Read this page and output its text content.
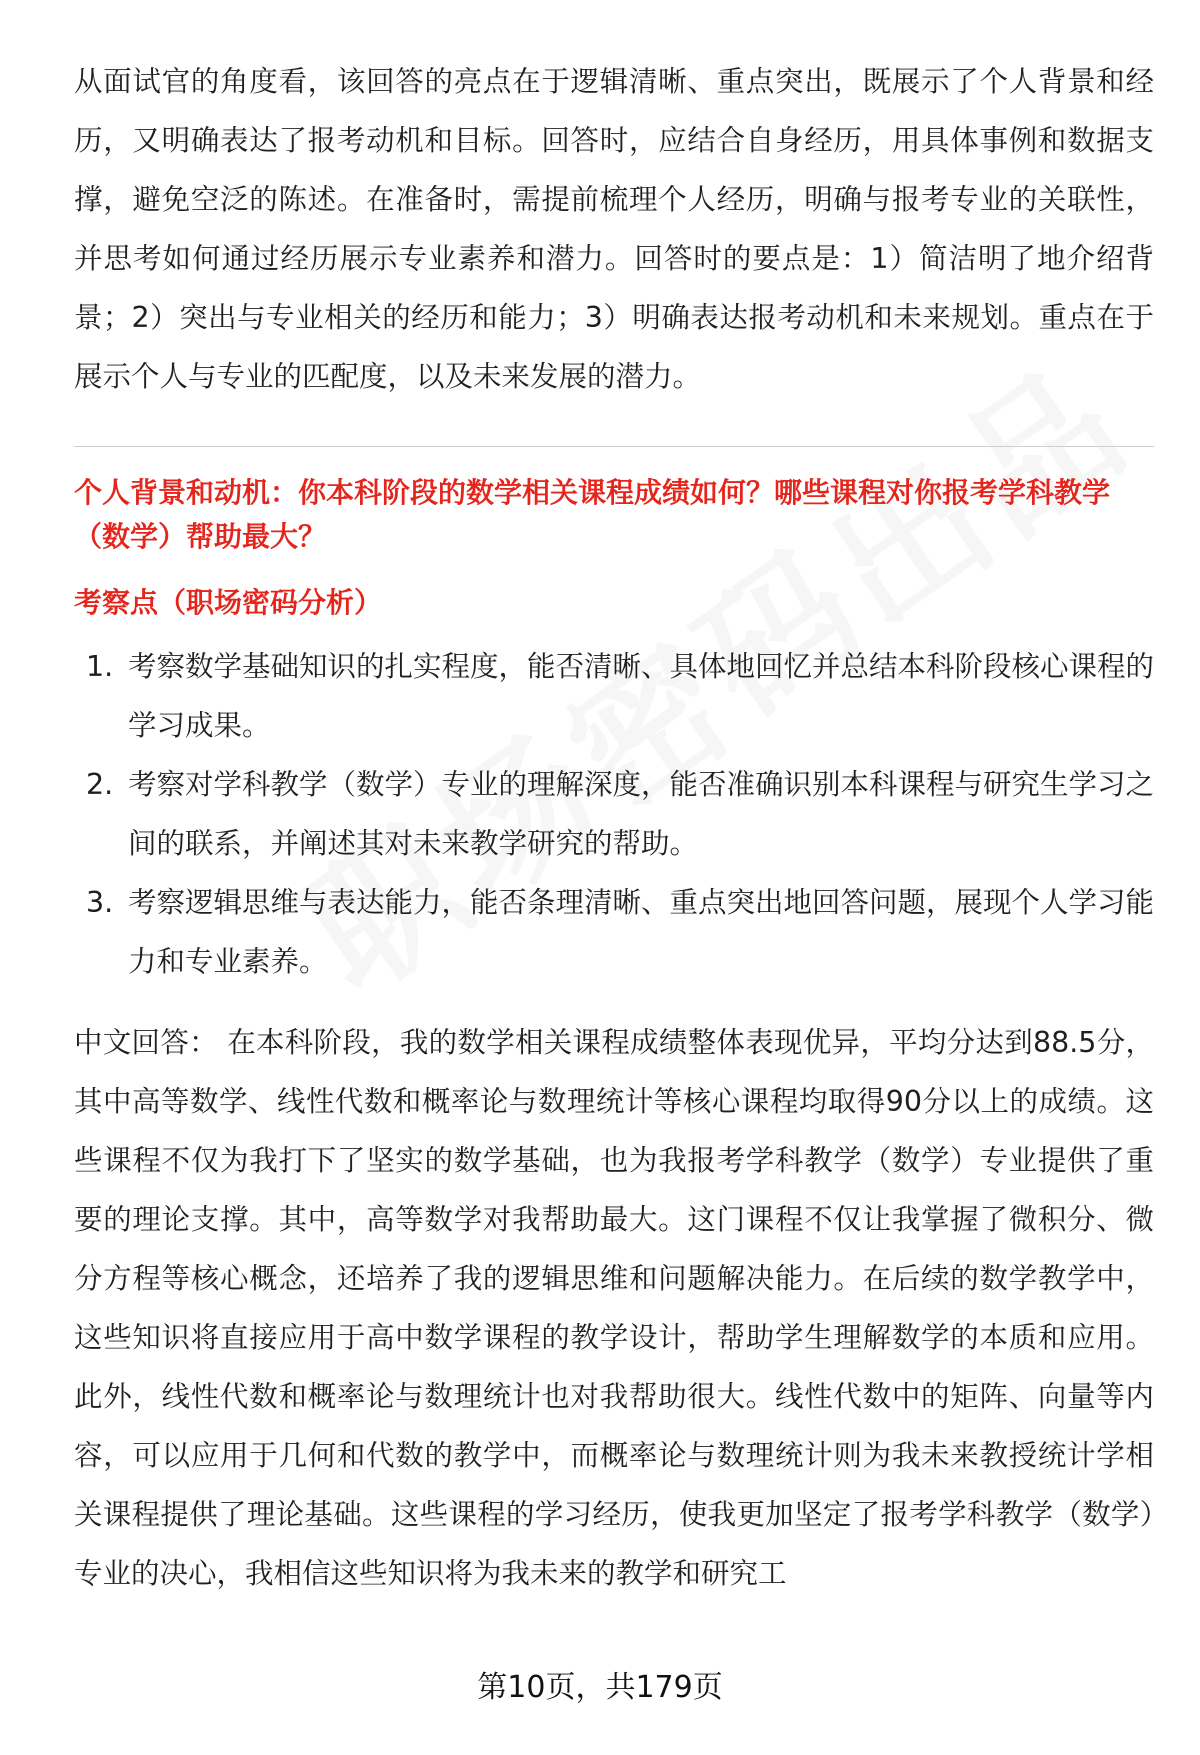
从面试官的角度看，该回答的亮点在于逻辑清晰、重点突出，既展示了个人背景和经历，又明确表达了报考动机和目标。回答时，应结合自身经历，用具体事例和数据支撑，避免空泛的陈述。在准备时，需提前梳理个人经历，明确与报考专业的关联性，并思考如何通过经历展示专业素养和潜力。回答时的要点是：1）简洁明了地介绍背景；2）突出与专业相关的经历和能力；3）明确表达报考动机和未来规划。重点在于展示个人与专业的匹配度，以及未来发展的潜力。

个人背景和动机：你本科阶段的数学相关课程成绩如何？哪些课程对你报考学科教学（数学）帮助最大？

考察点（职场密码分析）

1. 考察数学基础知识的扎实程度，能否清晰、具体地回忆并总结本科阶段核心课程的学习成果。
2. 考察对学科教学（数学）专业的理解深度，能否准确识别本科课程与研究生学习之间的联系，并阐述其对未来教学研究的帮助。
3. 考察逻辑思维与表达能力，能否条理清晰、重点突出地回答问题，展现个人学习能力和专业素养。

中文回答： 在本科阶段，我的数学相关课程成绩整体表现优异，平均分达到88.5分，其中高等数学、线性代数和概率论与数理统计等核心课程均取得90分以上的成绩。这些课程不仅为我打下了坚实的数学基础，也为我报考学科教学（数学）专业提供了重要的理论支撑。其中，高等数学对我帮助最大。这门课程不仅让我掌握了微积分、微分方程等核心概念，还培养了我的逻辑思维和问题解决能力。在后续的数学教学中，这些知识将直接应用于高中数学课程的教学设计，帮助学生理解数学的本质和应用。此外，线性代数和概率论与数理统计也对我帮助很大。线性代数中的矩阵、向量等内容，可以应用于几何和代数的教学中，而概率论与数理统计则为我未来教授统计学相关课程提供了理论基础。这些课程的学习经历，使我更加坚定了报考学科教学（数学）专业的决心，我相信这些知识将为我未来的教学和研究工

第10页，共179页
